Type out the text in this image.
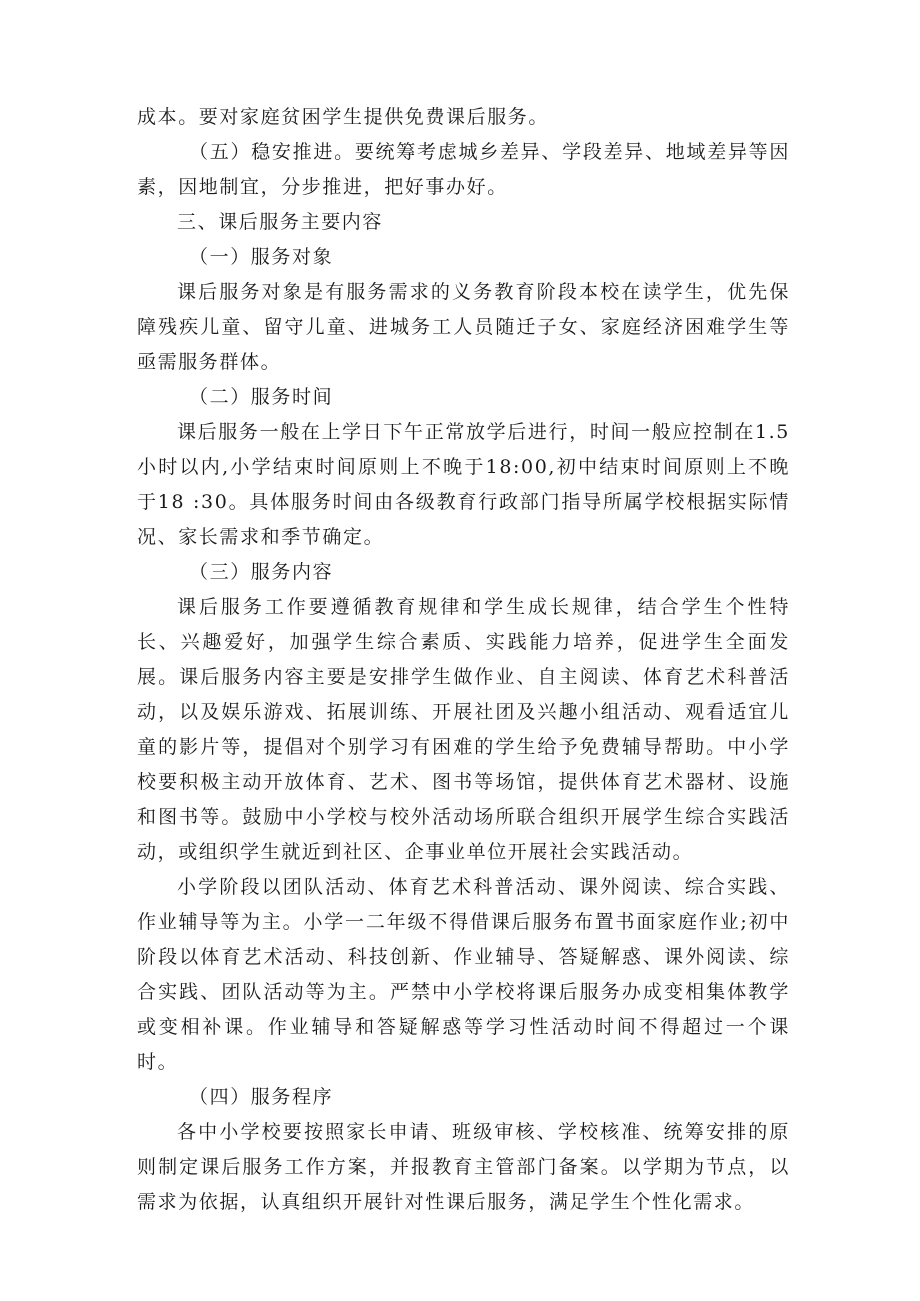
成本。要对家庭贫困学生提供免费课后服务。

（五）稳安推进。要统筹考虑城乡差异、学段差异、地域差异等因素，因地制宜，分步推进，把好事办好。

三、课后服务主要内容

（一）服务对象

课后服务对象是有服务需求的义务教育阶段本校在读学生，优先保障残疾儿童、留守儿童、进城务工人员随迁子女、家庭经济困难学生等亟需服务群体。

（二）服务时间

课后服务一般在上学日下午正常放学后进行，时间一般应控制在1.5小时以内,小学结束时间原则上不晚于18:00,初中结束时间原则上不晚于18 :30。具体服务时间由各级教育行政部门指导所属学校根据实际情况、家长需求和季节确定。

（三）服务内容

课后服务工作要遵循教育规律和学生成长规律，结合学生个性特长、兴趣爱好，加强学生综合素质、实践能力培养，促进学生全面发展。课后服务内容主要是安排学生做作业、自主阅读、体育艺术科普活动，以及娱乐游戏、拓展训练、开展社团及兴趣小组活动、观看适宜儿童的影片等，提倡对个别学习有困难的学生给予免费辅导帮助。中小学校要积极主动开放体育、艺术、图书等场馆，提供体育艺术器材、设施和图书等。鼓励中小学校与校外活动场所联合组织开展学生综合实践活动，或组织学生就近到社区、企事业单位开展社会实践活动。

小学阶段以团队活动、体育艺术科普活动、课外阅读、综合实践、作业辅导等为主。小学一二年级不得借课后服务布置书面家庭作业;初中阶段以体育艺术活动、科技创新、作业辅导、答疑解惑、课外阅读、综合实践、团队活动等为主。严禁中小学校将课后服务办成变相集体教学或变相补课。作业辅导和答疑解惑等学习性活动时间不得超过一个课时。

（四）服务程序

各中小学校要按照家长申请、班级审核、学校核准、统筹安排的原则制定课后服务工作方案，并报教育主管部门备案。以学期为节点，以需求为依据，认真组织开展针对性课后服务，满足学生个性化需求。
